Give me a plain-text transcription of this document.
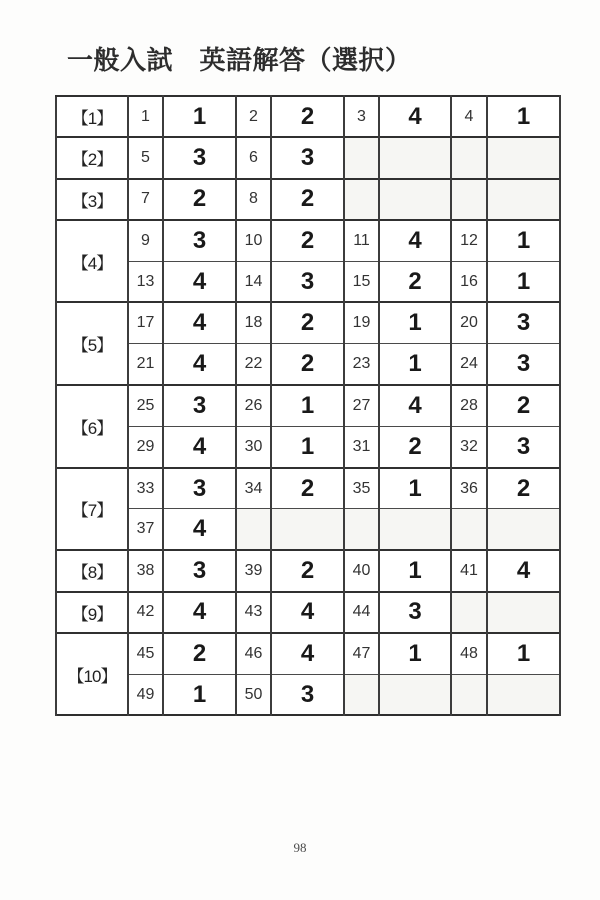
一般入試　英語解答（選択）
【1】	1	1	2	2	3	4	4	1
【2】	5	3	6	3				
【3】	7	2	8	2				
【4】	9	3	10	2	11	4	12	1
	13	4	14	3	15	2	16	1
【5】	17	4	18	2	19	1	20	3
	21	4	22	2	23	1	24	3
【6】	25	3	26	1	27	4	28	2
	29	4	30	1	31	2	32	3
【7】	33	3	34	2	35	1	36	2
	37	4						
【8】	38	3	39	2	40	1	41	4
【9】	42	4	43	4	44	3		
【10】	45	2	46	4	47	1	48	1
	49	1	50	3				
98
